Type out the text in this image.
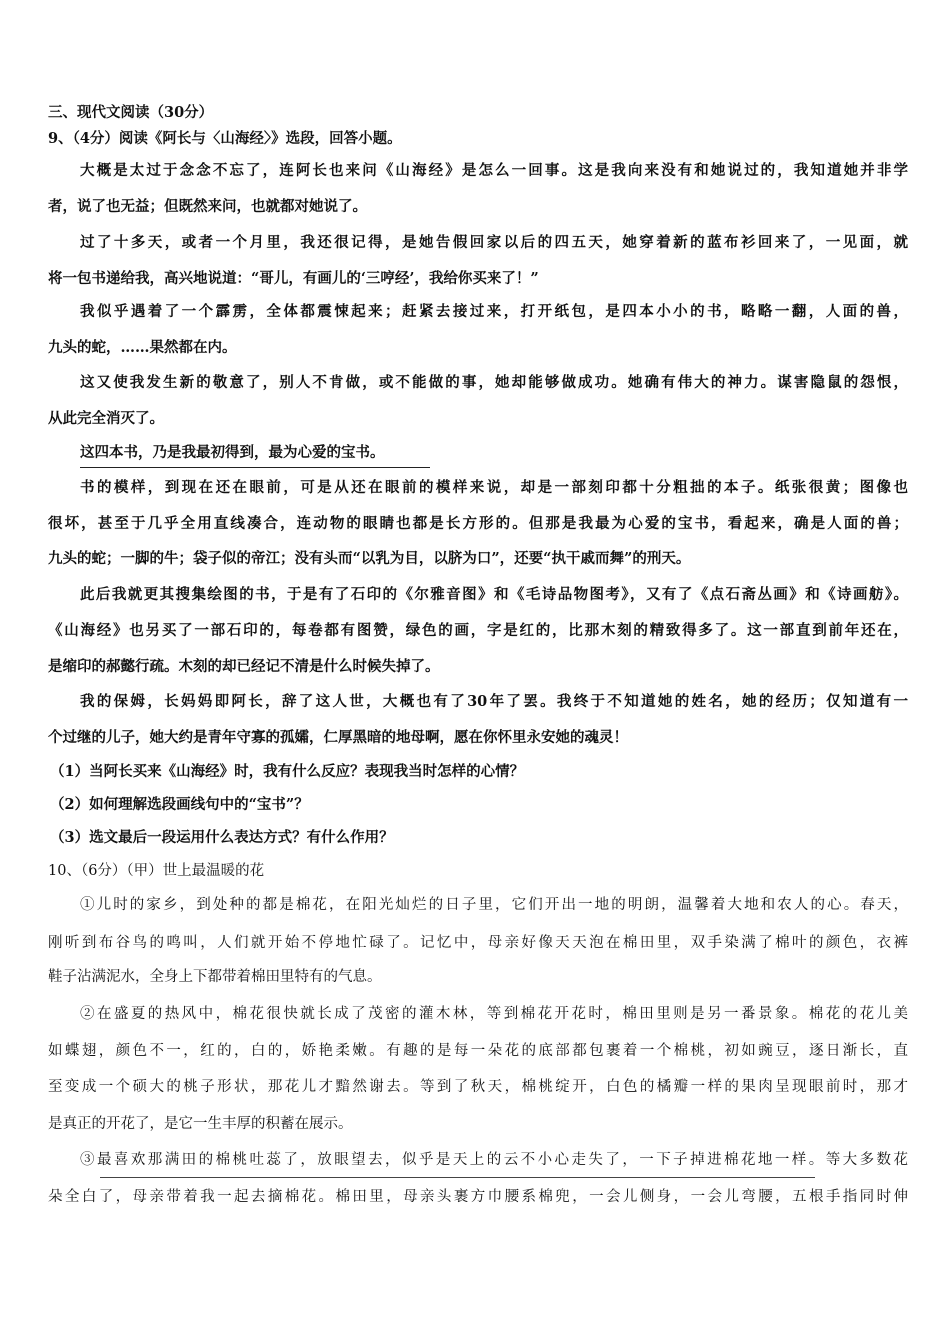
三、现代文阅读（30分）
9、（4分）阅读《阿长与〈山海经〉》选段，回答小题。
大概是太过于念念不忘了，连阿长也来问《山海经》是怎么一回事。这是我向来没有和她说过的，我知道她并非学
者，说了也无益；但既然来问，也就都对她说了。
过了十多天，或者一个月里，我还很记得，是她告假回家以后的四五天，她穿着新的蓝布衫回来了，一见面，就
将一包书递给我，高兴地说道：“哥儿，有画儿的‘三哼经’，我给你买来了！”
我似乎遇着了一个霹雳，全体都震悚起来；赶紧去接过来，打开纸包，是四本小小的书，略略一翻，人面的兽，
九头的蛇，……果然都在内。
这又使我发生新的敬意了，别人不肯做，或不能做的事，她却能够做成功。她确有伟大的神力。谋害隐鼠的怨恨，
从此完全消灭了。
这四本书，乃是我最初得到，最为心爱的宝书。
书的模样，到现在还在眼前，可是从还在眼前的模样来说，却是一部刻印都十分粗拙的本子。纸张很黄；图像也
很坏，甚至于几乎全用直线凑合，连动物的眼睛也都是长方形的。但那是我最为心爱的宝书，看起来，确是人面的兽；
九头的蛇；一脚的牛；袋子似的帝江；没有头而“以乳为目，以脐为口”，还要“执干戚而舞”的刑天。
此后我就更其搜集绘图的书，于是有了石印的《尔雅音图》和《毛诗品物图考》，又有了《点石斋丛画》和《诗画舫》。
《山海经》也另买了一部石印的，每卷都有图赞，绿色的画，字是红的，比那木刻的精致得多了。这一部直到前年还在，
是缩印的郝懿行疏。木刻的却已经记不清是什么时候失掉了。
我的保姆，长妈妈即阿长，辞了这人世，大概也有了30年了罢。我终于不知道她的姓名，她的经历；仅知道有一
个过继的儿子，她大约是青年守寡的孤孀，仁厚黑暗的地母啊，愿在你怀里永安她的魂灵！
（1）当阿长买来《山海经》时，我有什么反应？表现我当时怎样的心情？
（2）如何理解选段画线句中的“宝书”？
（3）选文最后一段运用什么表达方式？有什么作用？
10、（6分）（甲）世上最温暖的花
①儿时的家乡，到处种的都是棉花，在阳光灿烂的日子里，它们开出一地的明朗，温馨着大地和农人的心。春天，
刚听到布谷鸟的鸣叫，人们就开始不停地忙碌了。记忆中，母亲好像天天泡在棉田里，双手染满了棉叶的颜色，衣裤
鞋子沾满泥水，全身上下都带着棉田里特有的气息。
②在盛夏的热风中，棉花很快就长成了茂密的灌木林，等到棉花开花时，棉田里则是另一番景象。棉花的花儿美
如蝶翅，颜色不一，红的，白的，娇艳柔嫩。有趣的是每一朵花的底部都包裹着一个棉桃，初如豌豆，逐日渐长，直
至变成一个硕大的桃子形状，那花儿才黯然谢去。等到了秋天，棉桃绽开，白色的橘瓣一样的果肉呈现眼前时，那才
是真正的开花了，是它一生丰厚的积蓄在展示。
③最喜欢那满田的棉桃吐蕊了，放眼望去，似乎是天上的云不小心走失了，一下子掉进棉花地一样。等大多数花
朵全白了，母亲带着我一起去摘棉花。棉田里，母亲头裹方巾腰系棉兜，一会儿侧身，一会儿弯腰，五根手指同时伸
